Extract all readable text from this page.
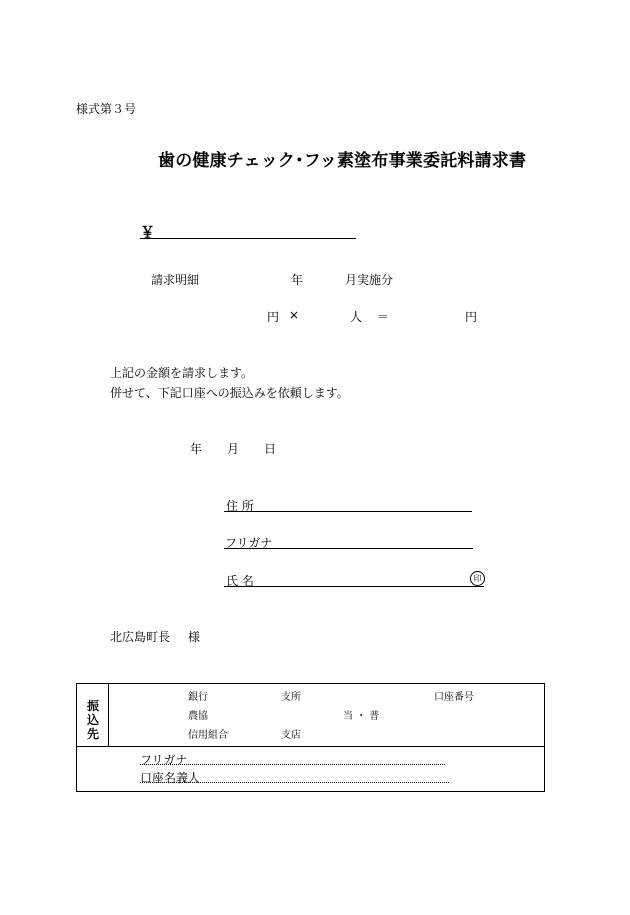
様式第３号
歯の健康チェック･フッ素塗布事業委託料請求書
￥
請求明細	年	月実施分
円 ×	人 ＝	円
上記の金額を請求します。
併せて、下記口座への振込みを依頼します。
年 月 日
住 所
フリガナ
氏 名	印
北広島町長 様
振
込
先
銀行	支所	口座番号
農協	当 ・ 普
信用組合	支店
フリガナ
口座名義人
